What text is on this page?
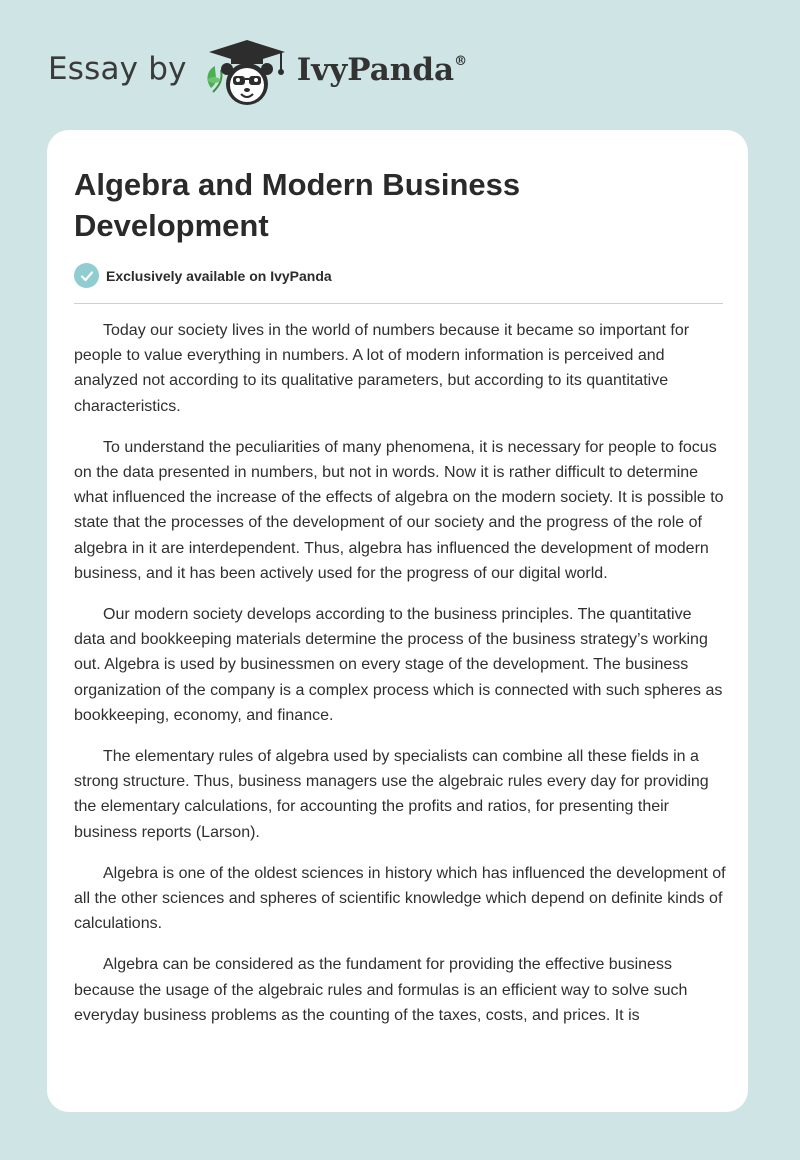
Essay by	IvyPanda®
Algebra and Modern Business Development
Exclusively available on IvyPanda

Today our society lives in the world of numbers because it became so important for people to value everything in numbers. A lot of modern information is perceived and analyzed not according to its qualitative parameters, but according to its quantitative characteristics.

To understand the peculiarities of many phenomena, it is necessary for people to focus on the data presented in numbers, but not in words. Now it is rather difficult to determine what influenced the increase of the effects of algebra on the modern society. It is possible to state that the processes of the development of our society and the progress of the role of algebra in it are interdependent. Thus, algebra has influenced the development of modern business, and it has been actively used for the progress of our digital world.

Our modern society develops according to the business principles. The quantitative data and bookkeeping materials determine the process of the business strategy’s working out. Algebra is used by businessmen on every stage of the development. The business organization of the company is a complex process which is connected with such spheres as bookkeeping, economy, and finance.

The elementary rules of algebra used by specialists can combine all these fields in a strong structure. Thus, business managers use the algebraic rules every day for providing the elementary calculations, for accounting the profits and ratios, for presenting their business reports (Larson).

Algebra is one of the oldest sciences in history which has influenced the development of all the other sciences and spheres of scientific knowledge which depend on definite kinds of calculations.

Algebra can be considered as the fundament for providing the effective business because the usage of the algebraic rules and formulas is an efficient way to solve such everyday business problems as the counting of the taxes, costs, and prices. It is
